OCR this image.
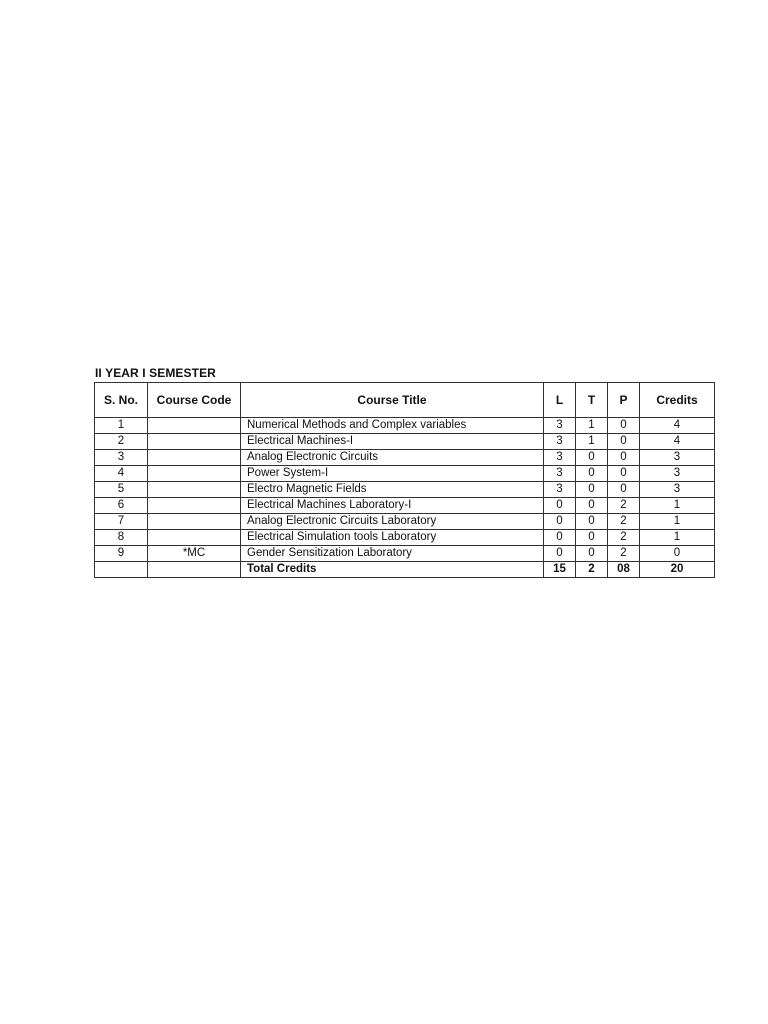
II YEAR I SEMESTER
S. No.	Course Code	Course Title	L	T	P	Credits
1		Numerical Methods and Complex variables	3	1	0	4
2		Electrical Machines-I	3	1	0	4
3		Analog Electronic Circuits	3	0	0	3
4		Power System-I	3	0	0	3
5		Electro Magnetic Fields	3	0	0	3
6		Electrical Machines Laboratory-I	0	0	2	1
7		Analog Electronic Circuits Laboratory	0	0	2	1
8		Electrical Simulation tools Laboratory	0	0	2	1
9	*MC	Gender Sensitization Laboratory	0	0	2	0
		Total Credits	15	2	08	20
